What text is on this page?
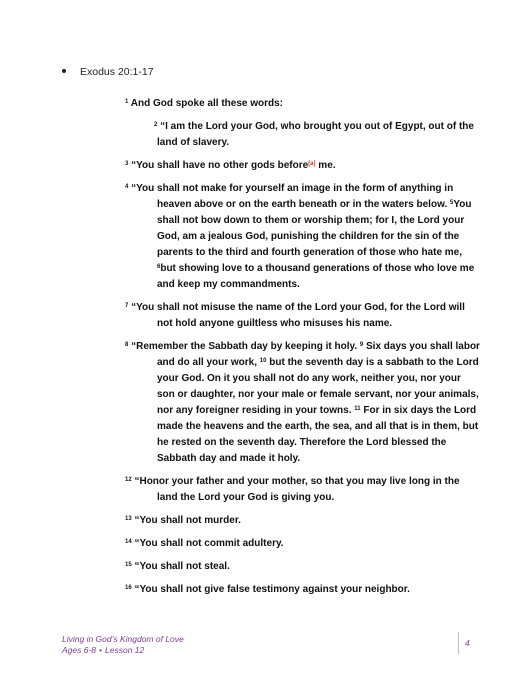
Exodus 20:1-17

$^1$ And God spoke all these words:

$^2$ “I am the Lord your God, who brought you out of Egypt, out of the land of slavery.

$^3$ “You shall have no other gods before[a] me.

$^4$ “You shall not make for yourself an image in the form of anything in heaven above or on the earth beneath or in the waters below. $^5$You shall not bow down to them or worship them; for I, the Lord your God, am a jealous God, punishing the children for the sin of the parents to the third and fourth generation of those who hate me, $^6$but showing love to a thousand generations of those who love me and keep my commandments.

$^7$ “You shall not misuse the name of the Lord your God, for the Lord will not hold anyone guiltless who misuses his name.

$^8$ “Remember the Sabbath day by keeping it holy. $^9$ Six days you shall labor and do all your work, $^{10}$ but the seventh day is a sabbath to the Lord your God. On it you shall not do any work, neither you, nor your son or daughter, nor your male or female servant, nor your animals, nor any foreigner residing in your towns. $^{11}$ For in six days the Lord made the heavens and the earth, the sea, and all that is in them, but he rested on the seventh day. Therefore the Lord blessed the Sabbath day and made it holy.

$^{12}$ “Honor your father and your mother, so that you may live long in the land the Lord your God is giving you.

$^{13}$ “You shall not murder.

$^{14}$ “You shall not commit adultery.

$^{15}$ “You shall not steal.

$^{16}$ “You shall not give false testimony against your neighbor.

Living in God’s Kingdom of Love
Ages 6-8 • Lesson 12
4
